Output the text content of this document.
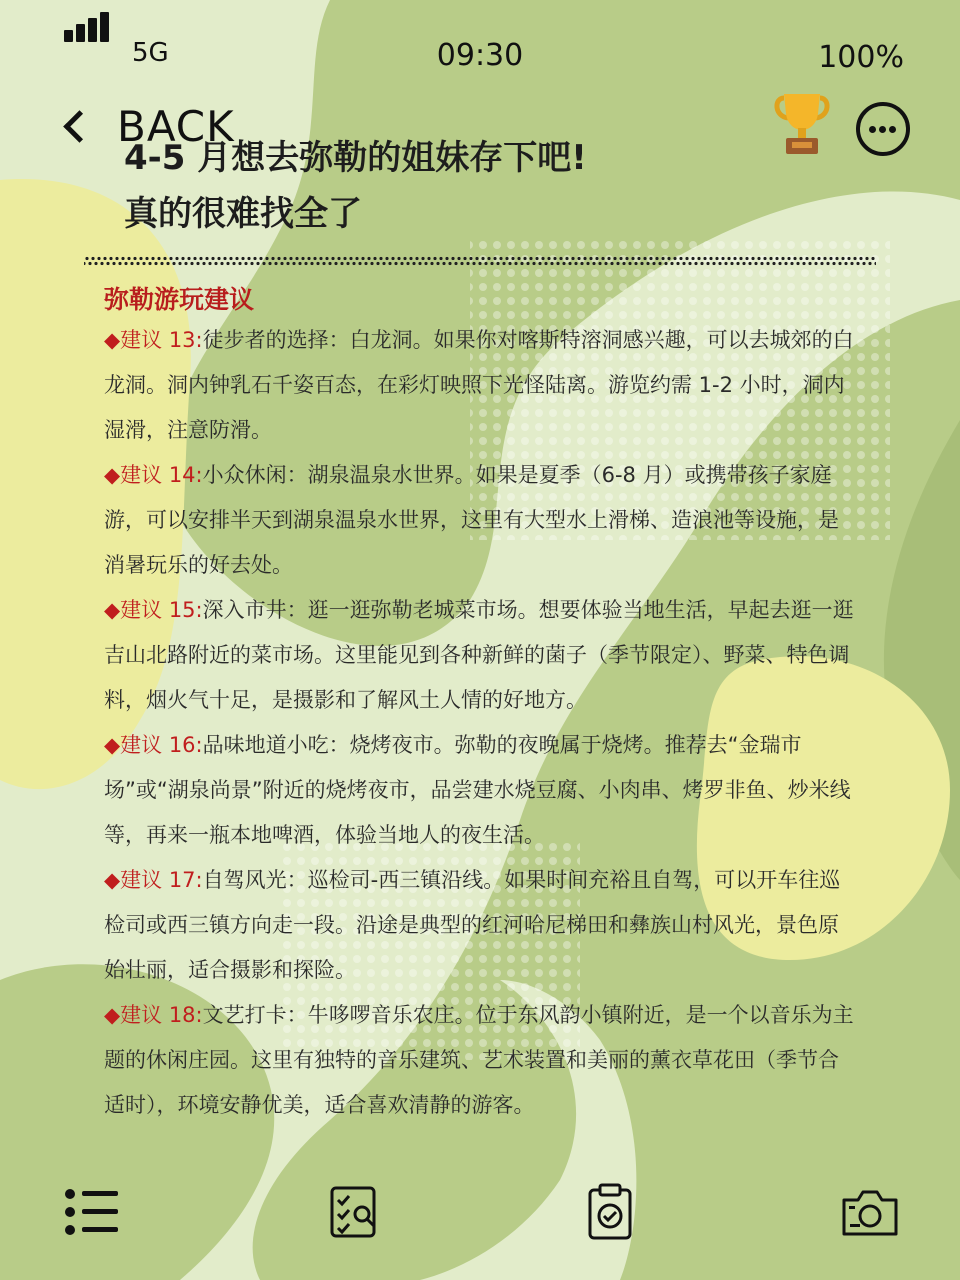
5G	09:30	100%
BACK
4-5 月想去弥勒的姐妹存下吧!
真的很难找全了
弥勒游玩建议

◆建议 13:徒步者的选择：白龙洞。如果你对喀斯特溶洞感兴趣，可以去城郊的白龙洞。洞内钟乳石千姿百态，在彩灯映照下光怪陆离。游览约需 1-2 小时，洞内湿滑，注意防滑。

◆建议 14:小众休闲：湖泉温泉水世界。如果是夏季（6-8 月）或携带孩子家庭游，可以安排半天到湖泉温泉水世界，这里有大型水上滑梯、造浪池等设施，是消暑玩乐的好去处。

◆建议 15:深入市井：逛一逛弥勒老城菜市场。想要体验当地生活，早起去逛一逛吉山北路附近的菜市场。这里能见到各种新鲜的菌子（季节限定）、野菜、特色调料，烟火气十足，是摄影和了解风土人情的好地方。

◆建议 16:品味地道小吃：烧烤夜市。弥勒的夜晚属于烧烤。推荐去“金瑞市场”或“湖泉尚景”附近的烧烤夜市，品尝建水烧豆腐、小肉串、烤罗非鱼、炒米线等，再来一瓶本地啤酒，体验当地人的夜生活。

◆建议 17:自驾风光：巡检司-西三镇沿线。如果时间充裕且自驾，可以开车往巡检司或西三镇方向走一段。沿途是典型的红河哈尼梯田和彝族山村风光，景色原始壮丽，适合摄影和探险。

◆建议 18:文艺打卡：牛哆啰音乐农庄。位于东风韵小镇附近，是一个以音乐为主题的休闲庄园。这里有独特的音乐建筑、艺术装置和美丽的薰衣草花田（季节合适时），环境安静优美，适合喜欢清静的游客。
